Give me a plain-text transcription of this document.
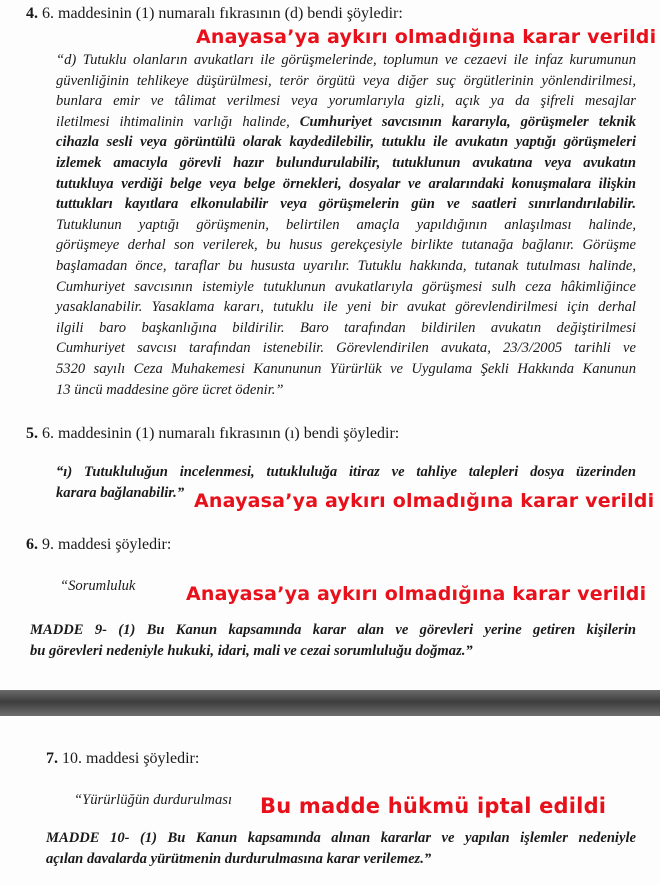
4. 6. maddesinin (1) numaralı fıkrasının (d) bendi şöyledir:
Anayasa’ya aykırı olmadığına karar verildi
“d) Tutuklu olanların avukatları ile görüşmelerinde, toplumun ve cezaevi ile infaz kurumunun
güvenliğinin tehlikeye düşürülmesi, terör örgütü veya diğer suç örgütlerinin yönlendirilmesi,
bunlara emir ve tâlimat verilmesi veya yorumlarıyla gizli, açık ya da şifreli mesajlar
iletilmesi ihtimalinin varlığı halinde, Cumhuriyet savcısının kararıyla, görüşmeler teknik
cihazla sesli veya görüntülü olarak kaydedilebilir, tutuklu ile avukatın yaptığı görüşmeleri
izlemek amacıyla görevli hazır bulundurulabilir, tutuklunun avukatına veya avukatın
tutukluya verdiği belge veya belge örnekleri, dosyalar ve aralarındaki konuşmalara ilişkin
tuttukları kayıtlara elkonulabilir veya görüşmelerin gün ve saatleri sınırlandırılabilir.
Tutuklunun yaptığı görüşmenin, belirtilen amaçla yapıldığının anlaşılması halinde,
görüşmeye derhal son verilerek, bu husus gerekçesiyle birlikte tutanağa bağlanır. Görüşme
başlamadan önce, taraflar bu hususta uyarılır. Tutuklu hakkında, tutanak tutulması halinde,
Cumhuriyet savcısının istemiyle tutuklunun avukatlarıyla görüşmesi sulh ceza hâkimliğince
yasaklanabilir. Yasaklama kararı, tutuklu ile yeni bir avukat görevlendirilmesi için derhal
ilgili baro başkanlığına bildirilir. Baro tarafından bildirilen avukatın değiştirilmesi
Cumhuriyet savcısı tarafından istenebilir. Görevlendirilen avukata, 23/3/2005 tarihli ve
5320 sayılı Ceza Muhakemesi Kanununun Yürürlük ve Uygulama Şekli Hakkında Kanunun
13 üncü maddesine göre ücret ödenir.”
5. 6. maddesinin (1) numaralı fıkrasının (ı) bendi şöyledir:
“ı) Tutukluluğun incelenmesi, tutukluluğa itiraz ve tahliye talepleri dosya üzerinden
karara bağlanabilir.” Anayasa’ya aykırı olmadığına karar verildi
6. 9. maddesi şöyledir:
“Sorumluluk	Anayasa’ya aykırı olmadığına karar verildi
MADDE 9- (1) Bu Kanun kapsamında karar alan ve görevleri yerine getiren kişilerin
bu görevleri nedeniyle hukuki, idari, mali ve cezai sorumluluğu doğmaz.”
7. 10. maddesi şöyledir:
“Yürürlüğün durdurulması Bu madde hükmü iptal edildi
MADDE 10- (1) Bu Kanun kapsamında alınan kararlar ve yapılan işlemler nedeniyle
açılan davalarda yürütmenin durdurulmasına karar verilemez.”
